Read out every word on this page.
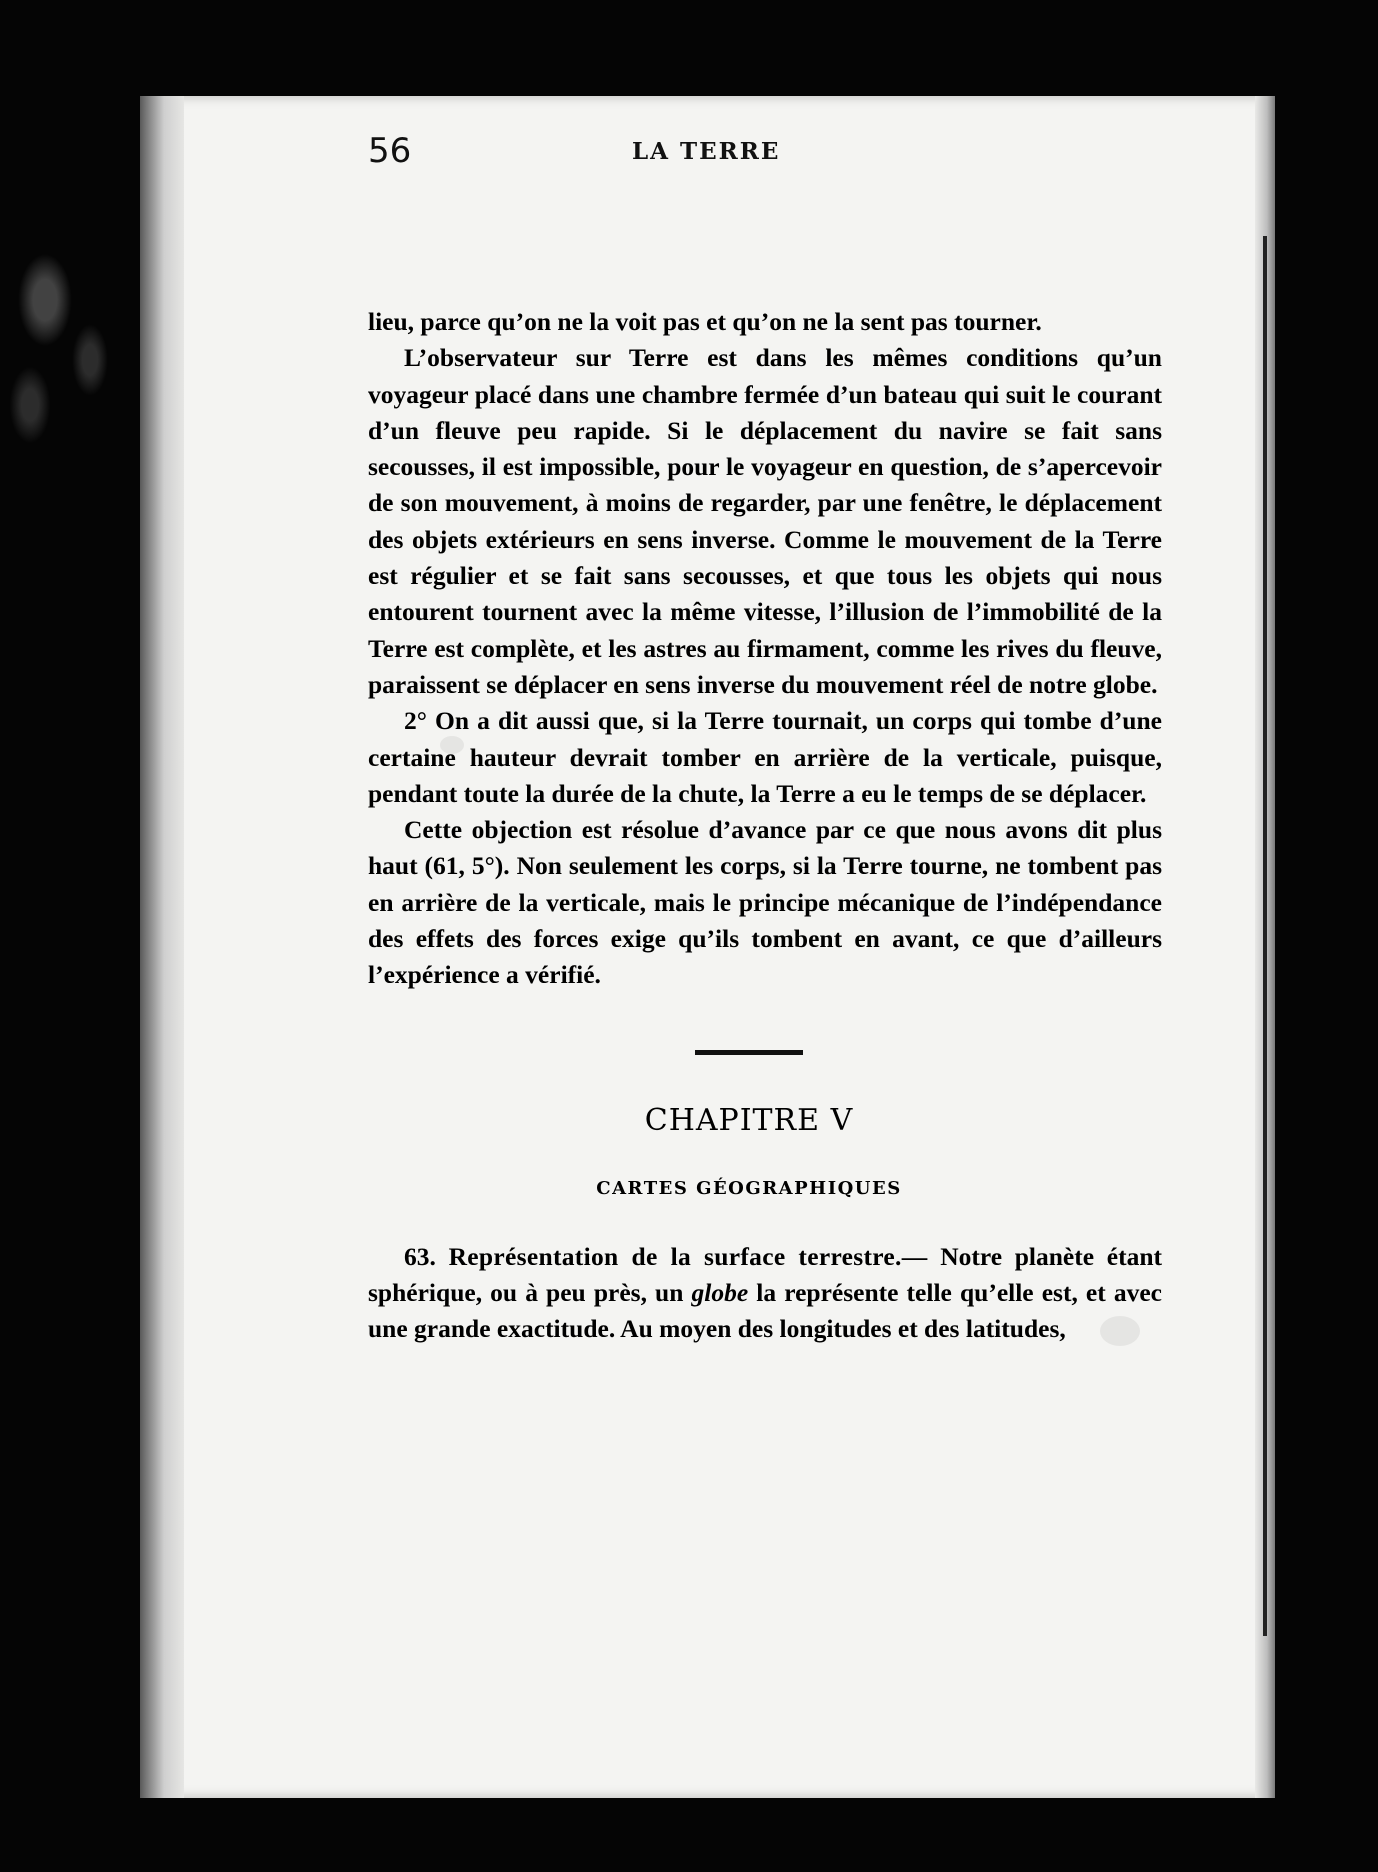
56	LA TERRE

lieu, parce qu’on ne la voit pas et qu’on ne la sent pas tourner.

L’observateur sur Terre est dans les mêmes conditions qu’un voyageur placé dans une chambre fermée d’un bateau qui suit le courant d’un fleuve peu rapide. Si le déplacement du navire se fait sans secousses, il est impossible, pour le voyageur en question, de s’apercevoir de son mouvement, à moins de regarder, par une fenêtre, le déplacement des objets extérieurs en sens inverse. Comme le mouvement de la Terre est régulier et se fait sans secousses, et que tous les objets qui nous entourent tournent avec la même vitesse, l’illusion de l’immobilité de la Terre est complète, et les astres au firmament, comme les rives du fleuve, paraissent se déplacer en sens inverse du mouvement réel de notre globe.

2° On a dit aussi que, si la Terre tournait, un corps qui tombe d’une certaine hauteur devrait tomber en arrière de la verticale, puisque, pendant toute la durée de la chute, la Terre a eu le temps de se déplacer.

Cette objection est résolue d’avance par ce que nous avons dit plus haut (61, 5°). Non seulement les corps, si la Terre tourne, ne tombent pas en arrière de la verticale, mais le principe mécanique de l’indépendance des effets des forces exige qu’ils tombent en avant, ce que d’ailleurs l’expérience a vérifié.

CHAPITRE V
CARTES GÉOGRAPHIQUES

63. Représentation de la surface terrestre.— Notre planète étant sphérique, ou à peu près, un globe la représente telle qu’elle est, et avec une grande exactitude. Au moyen des longitudes et des latitudes,
